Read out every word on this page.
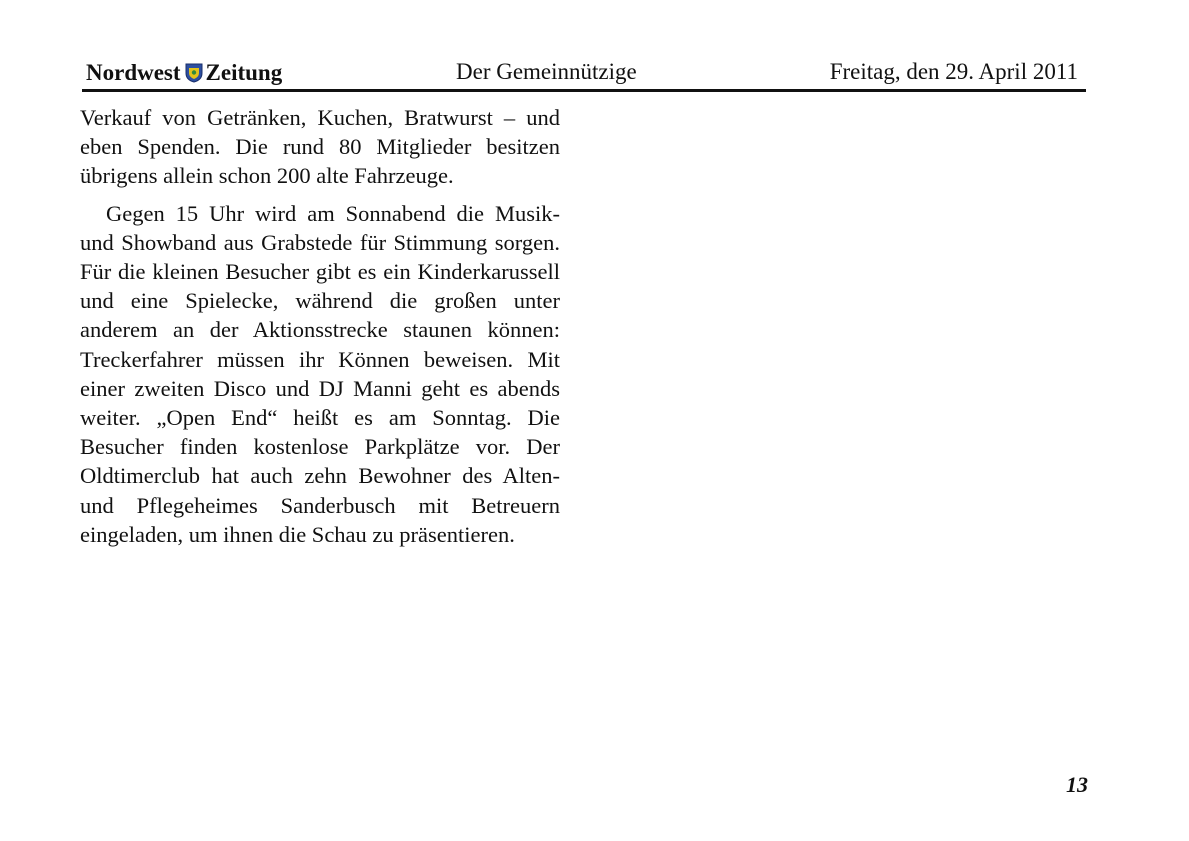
Nordwest Zeitung	Der Gemeinnützige	Freitag, den 29. April 2011

Verkauf von Getränken, Kuchen, Bratwurst – und eben Spenden. Die rund 80 Mitglieder besitzen übrigens allein schon 200 alte Fahrzeuge.

Gegen 15 Uhr wird am Sonnabend die Musik- und Showband aus Grabstede für Stimmung sorgen. Für die kleinen Besucher gibt es ein Kinderkarussell und eine Spielecke, während die großen unter anderem an der Aktionsstrecke staunen können: Treckerfahrer müssen ihr Können beweisen. Mit einer zweiten Disco und DJ Manni geht es abends weiter. „Open End“ heißt es am Sonntag. Die Besucher finden kostenlose Parkplätze vor. Der Oldtimerclub hat auch zehn Bewohner des Alten- und Pflegeheimes Sanderbusch mit Betreuern eingeladen, um ihnen die Schau zu präsentieren.

13
